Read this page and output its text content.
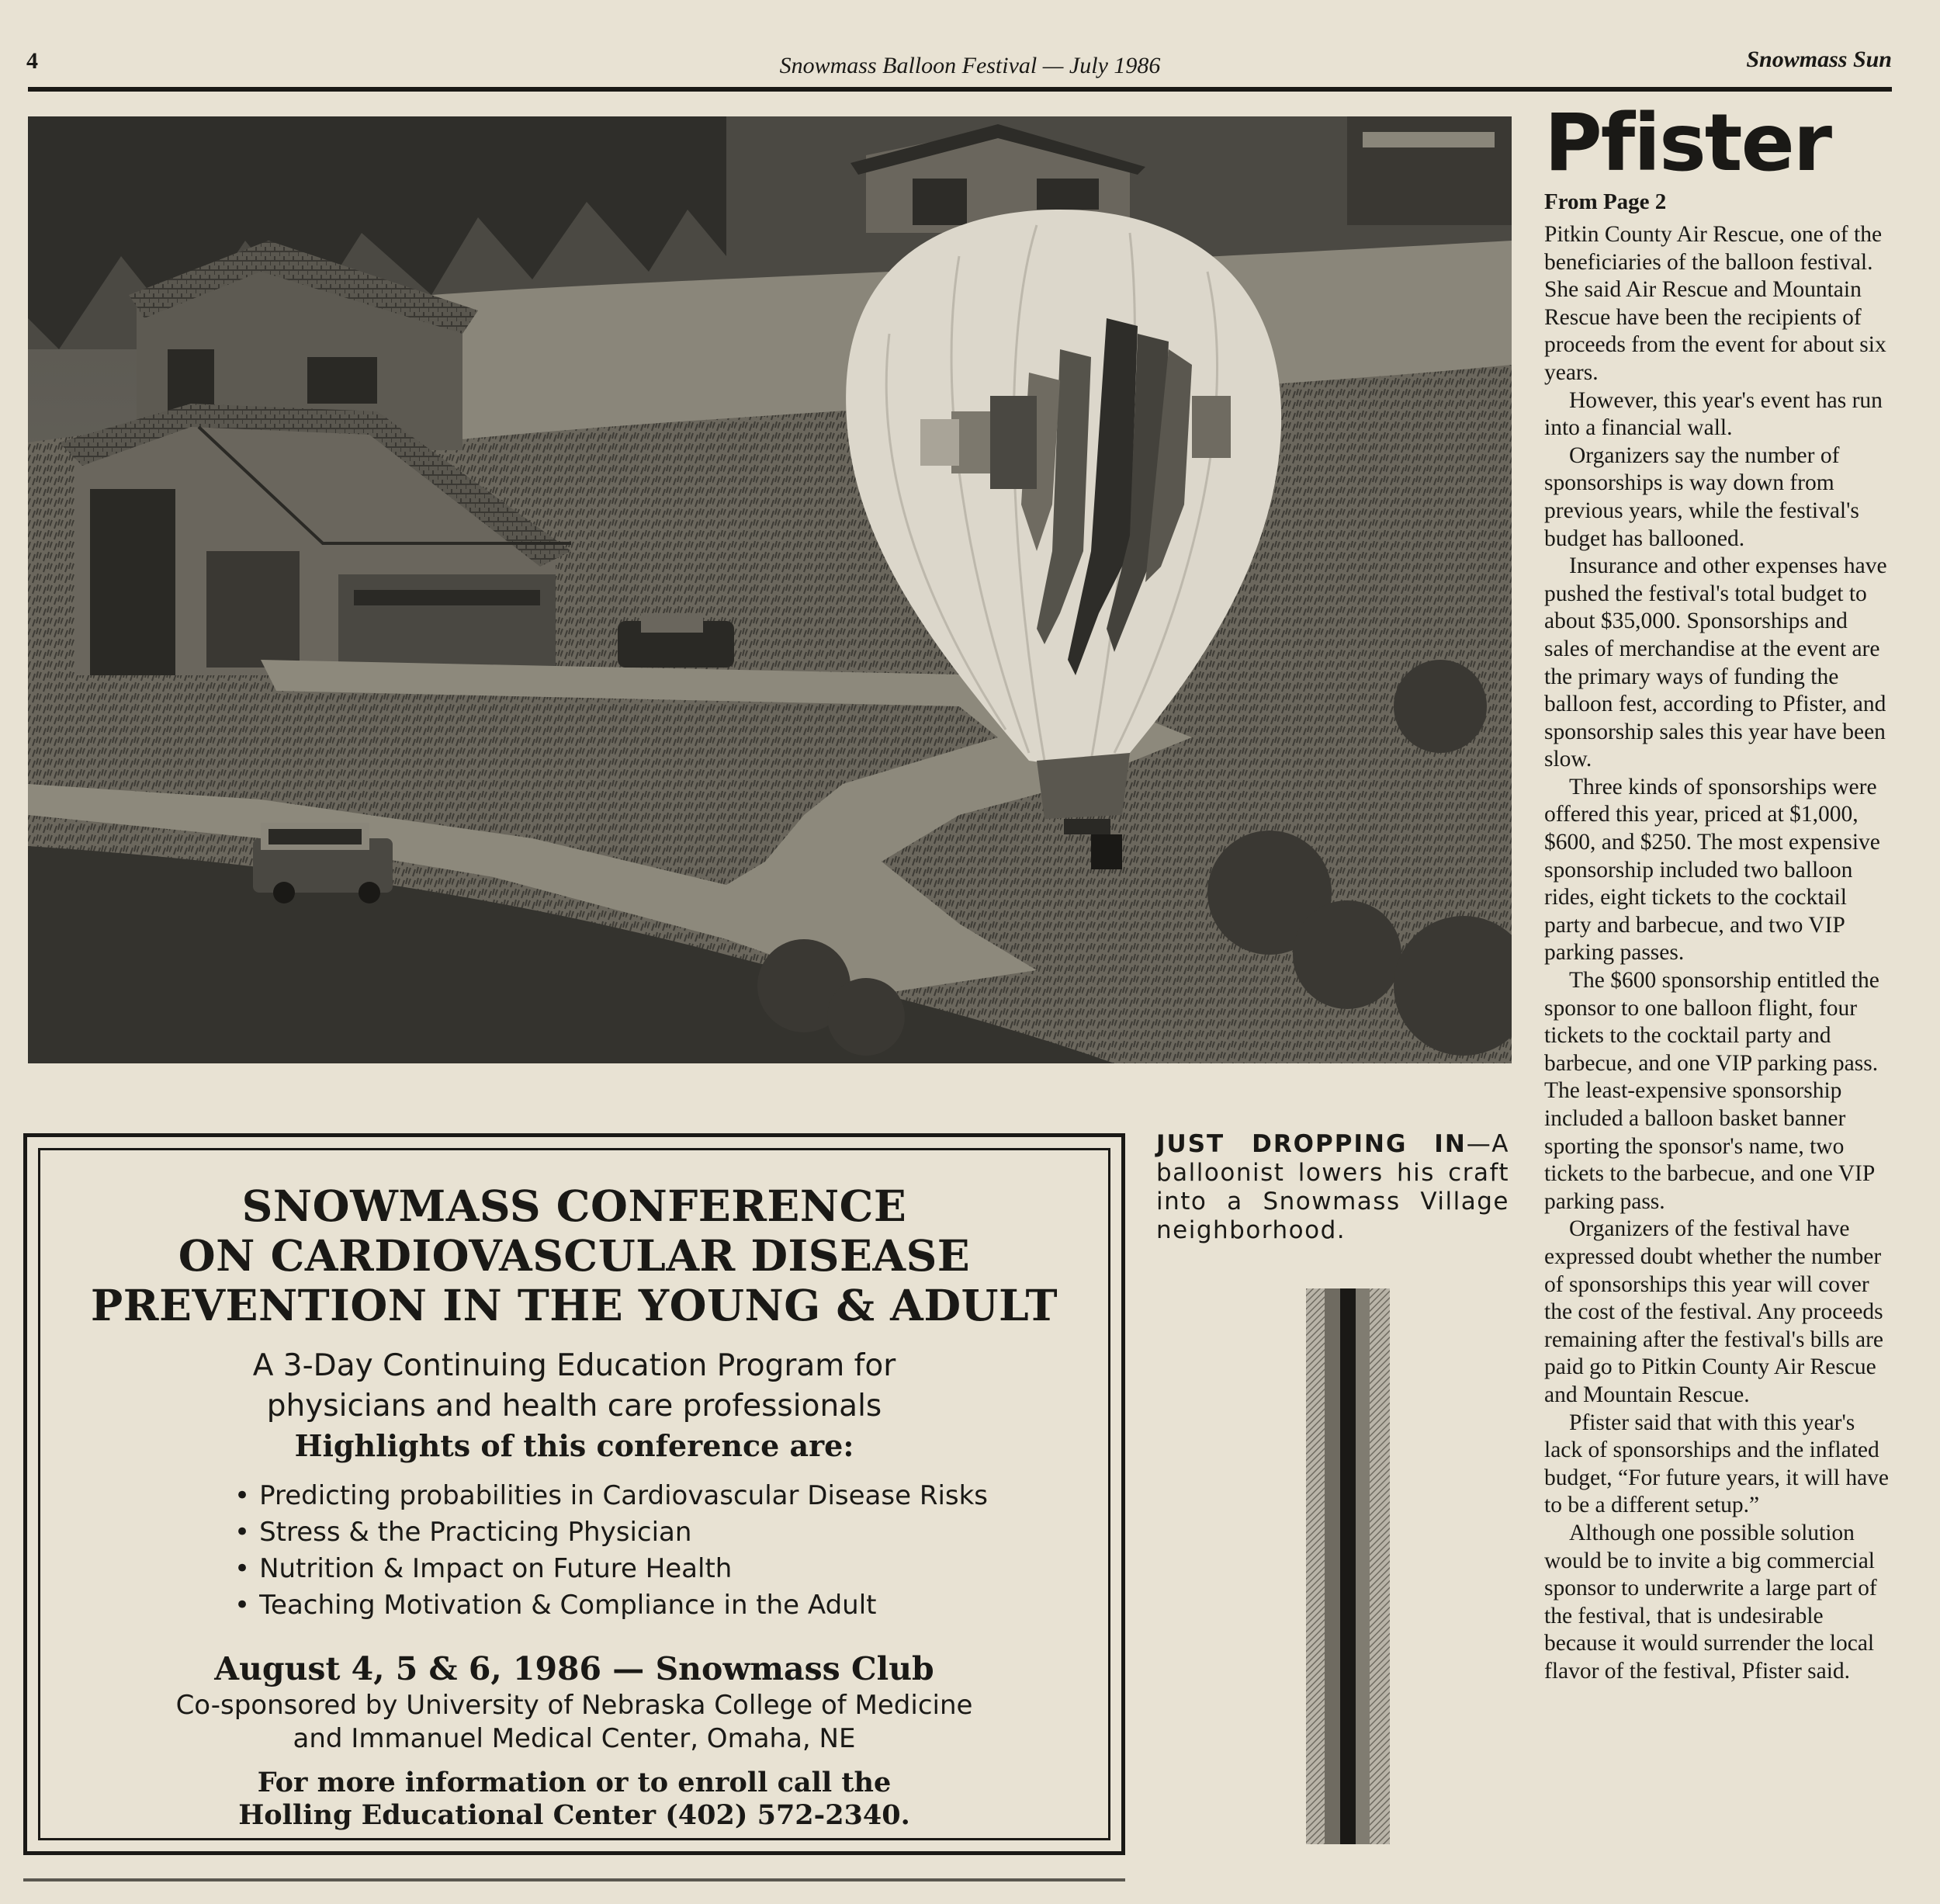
4	Snowmass Balloon Festival — July 1986	Snowmass Sun
JUST DROPPING IN—A balloonist lowers his craft into a Snowmass Village neighborhood.
Pfister
From Page 2

Pitkin County Air Rescue, one of the beneficiaries of the balloon festival. She said Air Rescue and Mountain Rescue have been the recipients of proceeds from the event for about six years.

However, this year's event has run into a financial wall.

Organizers say the number of sponsorships is way down from previous years, while the festival's budget has ballooned.

Insurance and other expenses have pushed the festival's total budget to about $35,000. Sponsorships and sales of merchandise at the event are the primary ways of funding the balloon fest, according to Pfister, and sponsorship sales this year have been slow.

Three kinds of sponsorships were offered this year, priced at $1,000, $600, and $250. The most expensive sponsorship included two balloon rides, eight tickets to the cocktail party and barbecue, and two VIP parking passes.

The $600 sponsorship entitled the sponsor to one balloon flight, four tickets to the cocktail party and barbecue, and one VIP parking pass. The least-expensive sponsorship included a balloon basket banner sporting the sponsor's name, two tickets to the barbecue, and one VIP parking pass.

Organizers of the festival have expressed doubt whether the number of sponsorships this year will cover the cost of the festival. Any proceeds remaining after the festival's bills are paid go to Pitkin County Air Rescue and Mountain Rescue.

Pfister said that with this year's lack of sponsorships and the inflated budget, “For future years, it will have to be a different setup.”

Although one possible solution would be to invite a big commercial sponsor to underwrite a large part of the festival, that is undesirable because it would surrender the local flavor of the festival, Pfister said.

SNOWMASS CONFERENCE
ON CARDIOVASCULAR DISEASE
PREVENTION IN THE YOUNG & ADULT
A 3-Day Continuing Education Program for
physicians and health care professionals
Highlights of this conference are:
• Predicting probabilities in Cardiovascular Disease Risks
• Stress & the Practicing Physician
• Nutrition & Impact on Future Health
• Teaching Motivation & Compliance in the Adult
August 4, 5 & 6, 1986 — Snowmass Club
Co-sponsored by University of Nebraska College of Medicine
and Immanuel Medical Center, Omaha, NE
For more information or to enroll call the
Holling Educational Center (402) 572-2340.
